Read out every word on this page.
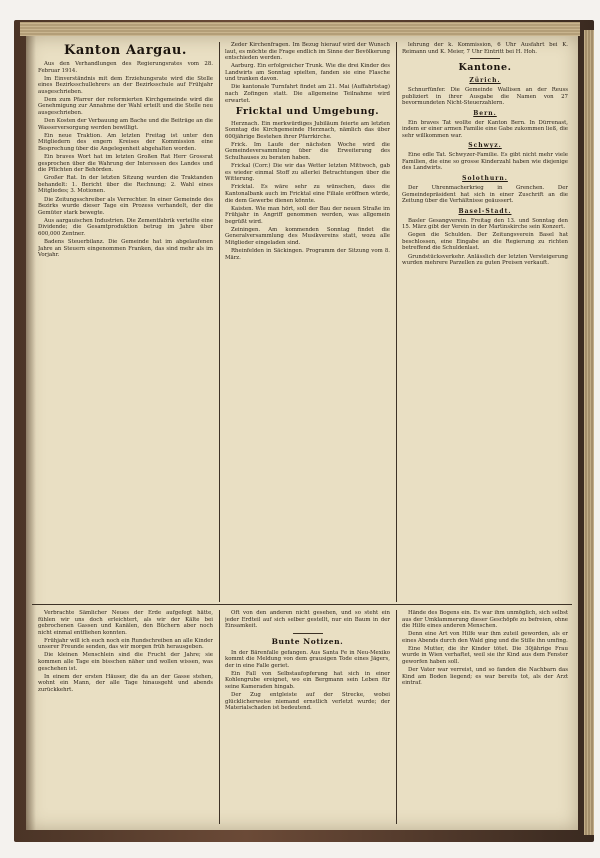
Kanton Aargau.

Aus den Verhandlungen des Regierungsrates vom 28. Februar 1914.

Im Einverständnis mit dem Erziehungsrate wird die Stelle eines Bezirksschullehrers an der Bezirksschule auf Frühjahr ausgeschrieben.

Dem zum Pfarrer der reformierten Kirchgemeinde wird die Genehmigung zur Annahme der Wahl erteilt und die Stelle neu ausgeschrieben.

Den Kosten der Verbauung am Bache und die Beiträge an die Wasserversorgung werden bewilligt.

Ein neue Traktion. Am letzten Freitag ist unter den Mitgliedern des engern Kreises der Kommission eine Besprechung über die Angelegenheit abgehalten worden.

Ein braves Wort hat im letzten Großen Rat Herr Grossrat gesprochen über die Wahrung der Interessen des Landes und die Pflichten der Behörden.

Großer Rat. In der letzten Sitzung wurden die Traktanden behandelt: 1. Bericht über die Rechnung; 2. Wahl eines Mitgliedes; 3. Motionen.

Die Zeitungsschreiber als Verrechter. In einer Gemeinde des Bezirks wurde dieser Tage ein Prozess verhandelt, der die Gemüter stark bewegte.

Aus aargauischen Industrien. Die Zementfabrik verteilte eine Dividende; die Gesamtproduktion betrug im Jahre über 600,000 Zentner.

Badens Steuerbilanz. Die Gemeinde hat im abgelaufenen Jahre an Steuern eingenommen Franken, das sind mehr als im Vorjahr.

Zeder Kirchenfragen. Im Bezug hierauf wird der Wunsch laut, es möchte die Frage endlich im Sinne der Bevölkerung entschieden werden.

Aarburg. Ein erfolgreicher Trunk. Wie die drei Kinder des Landwirts am Sonntag spielten, fanden sie eine Flasche und tranken davon.

Die kantonale Turnfahrt findet am 21. Mai (Auffahrtstag) nach Zofingen statt. Die allgemeine Teilnahme wird erwartet.

Fricktal und Umgebung.

Herznach. Ein merkwürdiges Jubiläum feierte am letzten Sonntag die Kirchgemeinde Herznach, nämlich das über 600jährige Bestehen ihrer Pfarrkirche.

Frick. Im Laufe der nächsten Woche wird die Gemeindeversammlung über die Erweiterung des Schulhauses zu beraten haben.

Frickal (Corr.) Die wir das Wetter letzten Mittwoch, gab es wieder einmal Stoff zu allerlei Betrachtungen über die Witterung.

Fricktal. Es wäre sehr zu wünschen, dass die Kantonalbank auch im Fricktal eine Filiale eröffnen würde, die dem Gewerbe dienen könnte.

Kaisten. Wie man hört, soll der Bau der neuen Straße im Frühjahr in Angriff genommen werden, was allgemein begrüßt wird.

Zeiningen. Am kommenden Sonntag findet die Generalversammlung des Musikvereins statt, wozu alle Mitglieder eingeladen sind.

Rheinfelden in Säckingen. Programm der Sitzung vom 8. März.

lehrung der k. Kommission, 6 Uhr Ausfahrt bei K. Reimann und K. Meier, 7 Uhr Eintritt bei H. Hoh.

Kantone.
Zürich.

Schnurfünfer. Die Gemeinde Wallisen an der Reuss publiziert in ihrer Ausgabe die Namen von 27 bevormundeten Nicht-Steuerzahlern.

Bern.

Ein braves Tat wollte der Kanton Bern. In Dürrenast, indem er einer armen Familie eine Gabe zukommen ließ, die sehr willkommen war.

Schwyz.

Eine edle Tat. Schwyzer-Familie. Es gibt nicht mehr viele Familien, die eine so grosse Kinderzahl haben wie diejenige des Landwirts.

Solothurn.

Der Uhrenmacherkrieg in Grenchen. Der Gemeindepräsident hat sich in einer Zuschrift an die Zeitung über die Verhältnisse geäussert.

Basel-Stadt.

Basler Gesangverein. Freitag den 13. und Sonntag den 15. März gibt der Verein in der Martinskirche sein Konzert.

Gegen die Schulden. Der Zeitungsverein Basel hat beschlossen, eine Eingabe an die Regierung zu richten betreffend die Schuldenlast.

Grundstücksverkehr. Anlässlich der letzten Versteigerung wurden mehrere Parzellen zu guten Preisen verkauft.

Verbrachte Sämlicher Neues der Erde aufgefegt hätte, fühlen wir uns doch erleichtert, als wir der Kälte bei gebrochenen Gassen und Kanälen, den Büchern aber noch nicht einmal entfliehen konnten.

Frühjahr will ich euch noch ein Rundschreiben an alle Kinder unserer Freunde senden, das wir morgen früh herausgeben.

Die kleinen Menschlein sind die Frucht der Jahre; sie kommen alle Tage ein bisschen näher und wollen wissen, was geschehen ist.

In einem der ersten Häuser, die da an der Gasse stehen, wohnt ein Mann, der alle Tage hinausgeht und abends zurückkehrt.

Oft von den anderen nicht gesehen, und so steht ein jeder Erdteil auf sich selber gestellt, nur ein Baum in der Einsamkeit.

Bunte Notizen.

In der Bärenfalle gefangen. Aus Santa Fe in Neu-Mexiko kommt die Meldung von dem grausigen Tode eines Jägers, der in eine Falle geriet.

Ein Fall von Selbstaufopferung hat sich in einer Kohlengrube ereignet, wo ein Bergmann sein Leben für seine Kameraden hingab.

Der Zug entgleiste auf der Strecke, wobei glücklicherweise niemand ernstlich verletzt wurde; der Materialschaden ist bedeutend.

Hände des Bogens ein. Es war ihm unmöglich, sich selbst aus der Umklammerung dieser Geschöpfe zu befreien, ohne die Hilfe eines anderen Menschen.

Denn eine Art von Hilfe war ihm zuteil geworden, als er eines Abends durch den Wald ging und die Stille ihn umfing.

Eine Mutter, die ihr Kinder tötet. Die 30jährige Frau wurde in Wien verhaftet, weil sie ihr Kind aus dem Fenster geworfen haben soll.

Der Vater war verreist, und so fanden die Nachbarn das Kind am Boden liegend; es war bereits tot, als der Arzt eintraf.
